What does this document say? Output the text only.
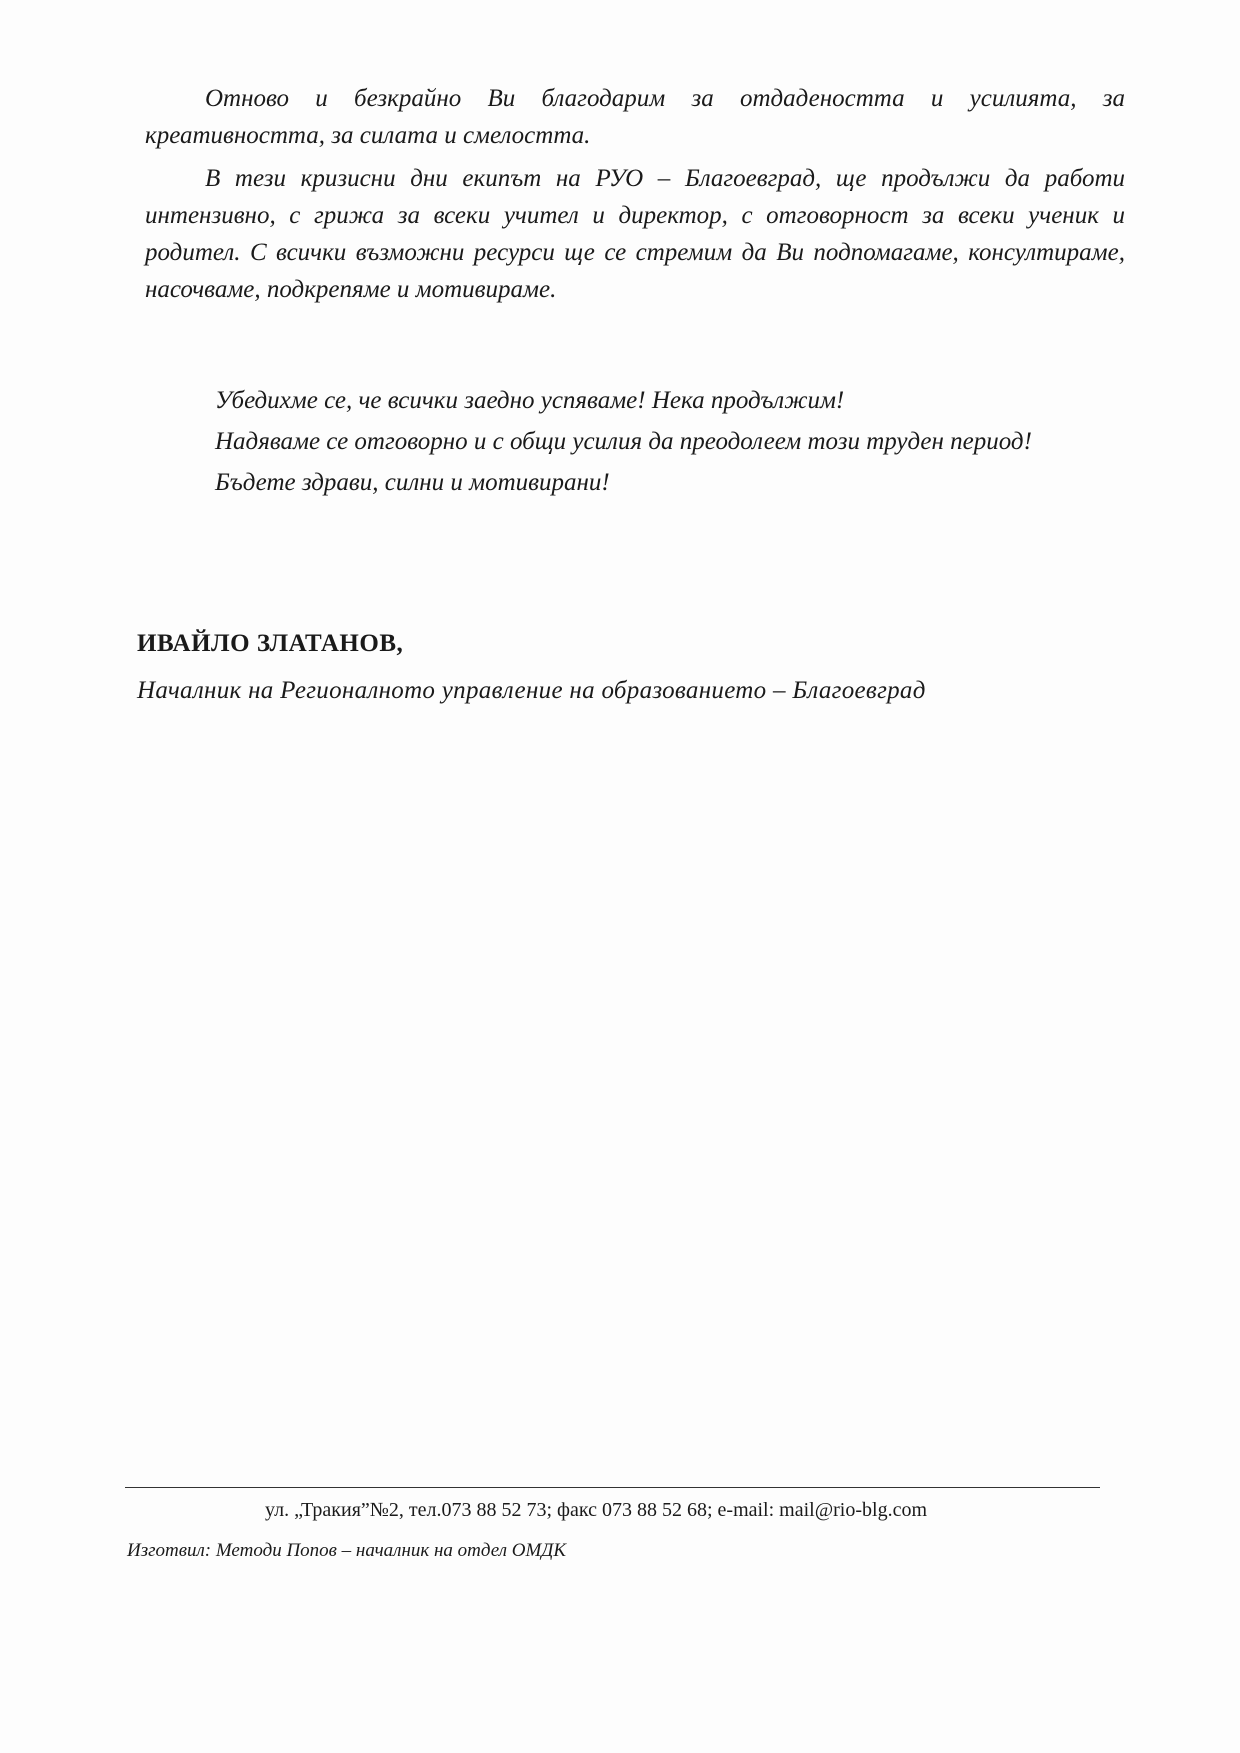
Отново и безкрайно Ви благодарим за отдадеността и усилията, за креативността, за силата и смелостта.

В тези кризисни дни екипът на РУО – Благоевград, ще продължи да работи интензивно, с грижа за всеки учител и директор, с отговорност за всеки ученик и родител. С всички възможни ресурси ще се стремим да Ви подпомагаме, консултираме, насочваме, подкрепяме и мотивираме.

Убедихме се, че всички заедно успяваме! Нека продължим!
Надяваме се отговорно и с общи усилия да преодолеем този труден период!
Бъдете здрави, силни и мотивирани!
ИВАЙЛО ЗЛАТАНОВ,
Началник на Регионалното управление на образованието – Благоевград
ул. „Тракия”№2, тел.073 88 52 73; факс 073 88 52 68; e-mail: mail@rio-blg.com
Изготвил: Методи Попов – началник на отдел ОМДК
